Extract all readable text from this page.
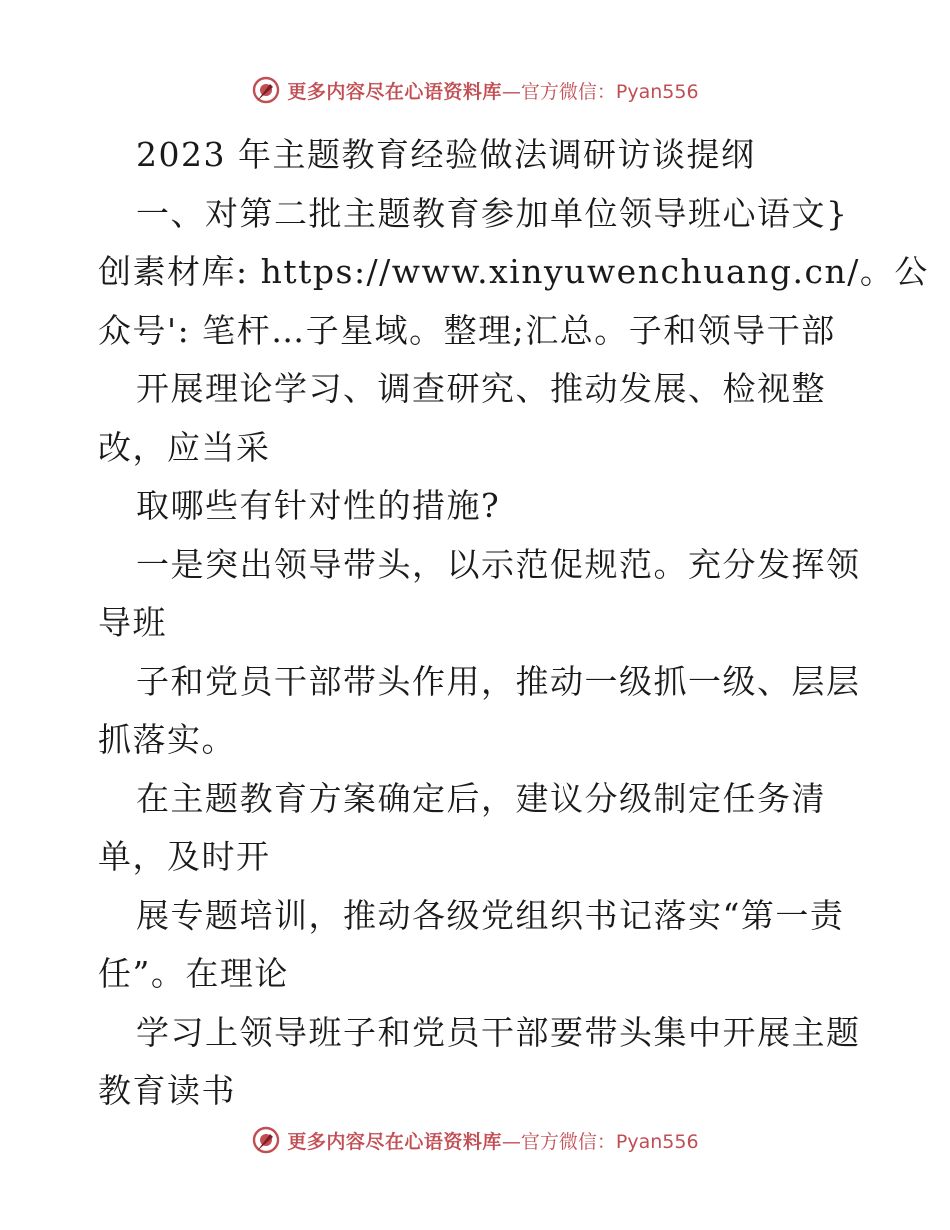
更多内容尽在心语资料库 —官方微信：Pyan556
2023 年主题教育经验做法调研访谈提纲
一、对第二批主题教育参加单位领导班心语文}
创素材库: https://www.xinyuwenchuang.cn/。公
众号': 笔杆…子星域。整理;汇总。子和领导干部
开展理论学习、调查研究、推动发展、检视整
改，应当采
取哪些有针对性的措施?
一是突出领导带头，以示范促规范。充分发挥领
导班
子和党员干部带头作用，推动一级抓一级、层层
抓落实。
在主题教育方案确定后，建议分级制定任务清
单，及时开
展专题培训，推动各级党组织书记落实“第一责
任”。在理论
学习上领导班子和党员干部要带头集中开展主题
教育读书
更多内容尽在心语资料库 —官方微信：Pyan556
